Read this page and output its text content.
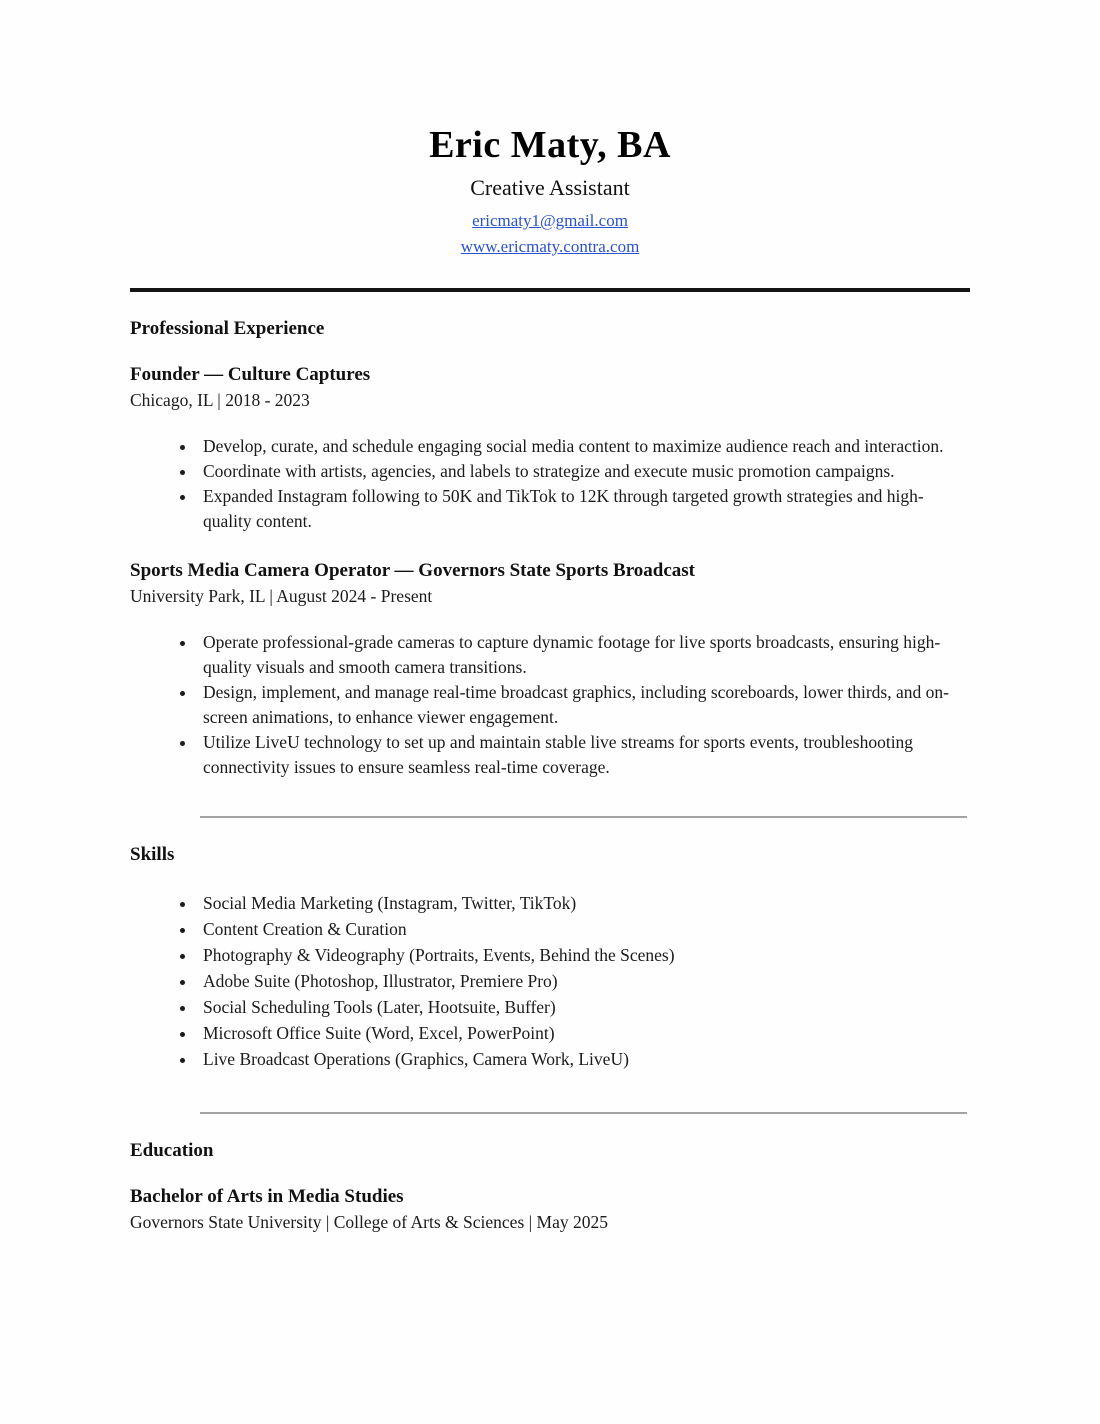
Eric Maty, BA
Creative Assistant
ericmaty1@gmail.com
www.ericmaty.contra.com
Professional Experience
Founder — Culture Captures
Chicago, IL | 2018 - 2023
• Develop, curate, and schedule engaging social media content to maximize audience reach and interaction.
• Coordinate with artists, agencies, and labels to strategize and execute music promotion campaigns.
• Expanded Instagram following to 50K and TikTok to 12K through targeted growth strategies and high-quality content.
Sports Media Camera Operator — Governors State Sports Broadcast
University Park, IL | August 2024 - Present
• Operate professional-grade cameras to capture dynamic footage for live sports broadcasts, ensuring high-quality visuals and smooth camera transitions.
• Design, implement, and manage real-time broadcast graphics, including scoreboards, lower thirds, and on-screen animations, to enhance viewer engagement.
• Utilize LiveU technology to set up and maintain stable live streams for sports events, troubleshooting connectivity issues to ensure seamless real-time coverage.
Skills
• Social Media Marketing (Instagram, Twitter, TikTok)
• Content Creation & Curation
• Photography & Videography (Portraits, Events, Behind the Scenes)
• Adobe Suite (Photoshop, Illustrator, Premiere Pro)
• Social Scheduling Tools (Later, Hootsuite, Buffer)
• Microsoft Office Suite (Word, Excel, PowerPoint)
• Live Broadcast Operations (Graphics, Camera Work, LiveU)
Education
Bachelor of Arts in Media Studies
Governors State University | College of Arts & Sciences | May 2025
